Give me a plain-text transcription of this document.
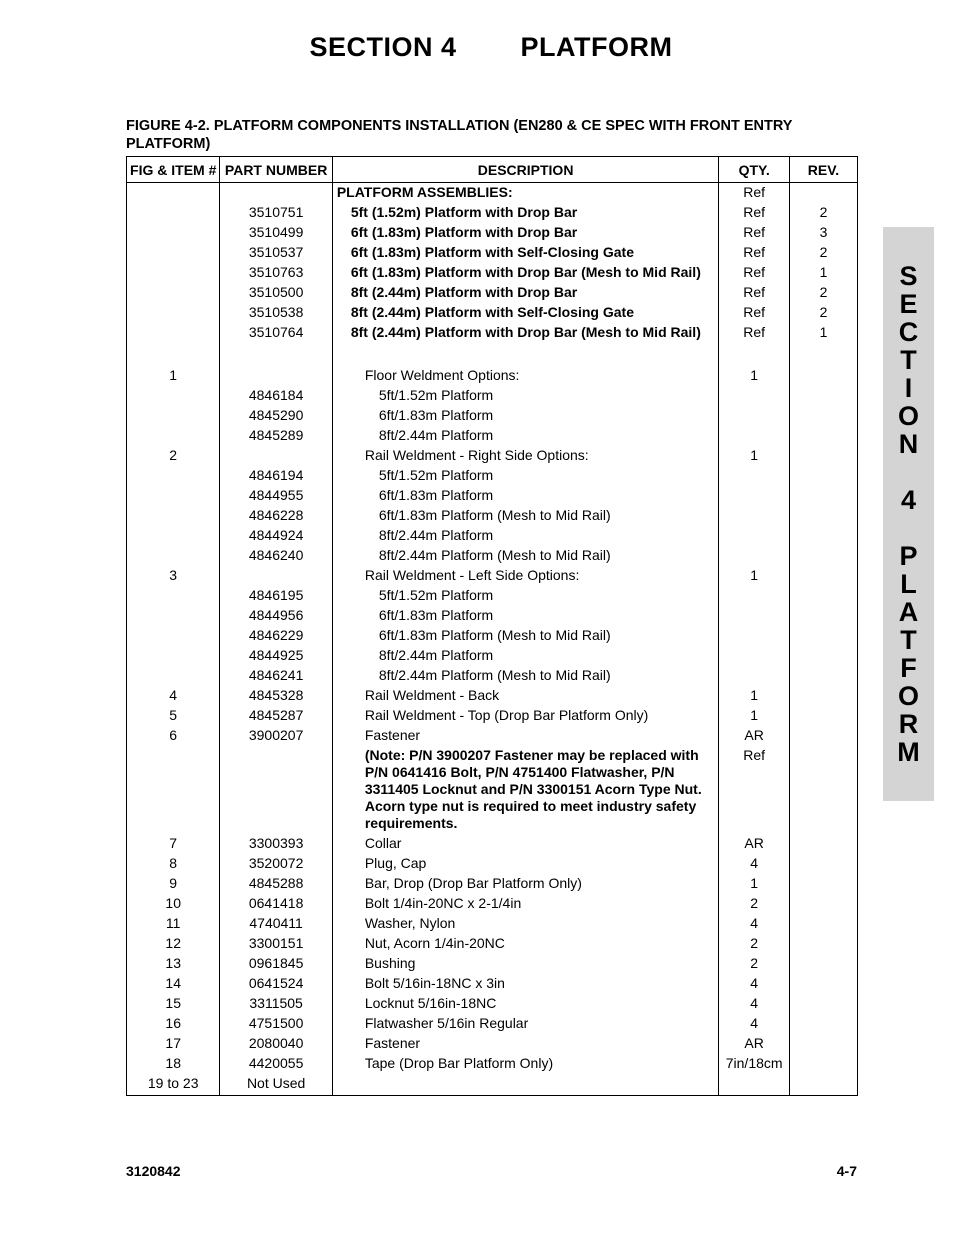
SECTION 4        PLATFORM
FIGURE 4-2. PLATFORM COMPONENTS INSTALLATION (EN280 & CE SPEC WITH FRONT ENTRY PLATFORM)
S
E
C
T
I
O
N
4
P
L
A
T
F
O
R
M
FIG & ITEM #	PART NUMBER	DESCRIPTION	QTY.	REV.
		PLATFORM ASSEMBLIES:	Ref	
	3510751	5ft (1.52m) Platform with Drop Bar	Ref	2
	3510499	6ft (1.83m) Platform with Drop Bar	Ref	3
	3510537	6ft (1.83m) Platform with Self-Closing Gate	Ref	2
	3510763	6ft (1.83m) Platform with Drop Bar (Mesh to Mid Rail)	Ref	1
	3510500	8ft (2.44m) Platform with Drop Bar	Ref	2
	3510538	8ft (2.44m) Platform with Self-Closing Gate	Ref	2
	3510764	8ft (2.44m) Platform with Drop Bar (Mesh to Mid Rail)	Ref	1

1		Floor Weldment Options:	1	
	4846184	5ft/1.52m Platform		
	4845290	6ft/1.83m Platform		
	4845289	8ft/2.44m Platform		
2		Rail Weldment - Right Side Options:	1	
	4846194	5ft/1.52m Platform		
	4844955	6ft/1.83m Platform		
	4846228	6ft/1.83m Platform (Mesh to Mid Rail)		
	4844924	8ft/2.44m Platform		
	4846240	8ft/2.44m Platform (Mesh to Mid Rail)		
3		Rail Weldment - Left Side Options:	1	
	4846195	5ft/1.52m Platform		
	4844956	6ft/1.83m Platform		
	4846229	6ft/1.83m Platform (Mesh to Mid Rail)		
	4844925	8ft/2.44m Platform		
	4846241	8ft/2.44m Platform (Mesh to Mid Rail)		
4	4845328	Rail Weldment - Back	1	
5	4845287	Rail Weldment - Top (Drop Bar Platform Only)	1	
6	3900207	Fastener	AR	
		(Note: P/N 3900207 Fastener may be replaced with P/N 0641416 Bolt, P/N 4751400 Flatwasher, P/N 3311405 Locknut and P/N 3300151 Acorn Type Nut. Acorn type nut is required to meet industry safety requirements.	Ref	
7	3300393	Collar	AR	
8	3520072	Plug, Cap	4	
9	4845288	Bar, Drop (Drop Bar Platform Only)	1	
10	0641418	Bolt 1/4in-20NC x 2-1/4in	2	
11	4740411	Washer, Nylon	4	
12	3300151	Nut, Acorn 1/4in-20NC	2	
13	0961845	Bushing	2	
14	0641524	Bolt 5/16in-18NC x 3in	4	
15	3311505	Locknut 5/16in-18NC	4	
16	4751500	Flatwasher 5/16in Regular	4	
17	2080040	Fastener	AR	
18	4420055	Tape (Drop Bar Platform Only)	7in/18cm	
19 to 23	Not Used			
3120842	4-7
